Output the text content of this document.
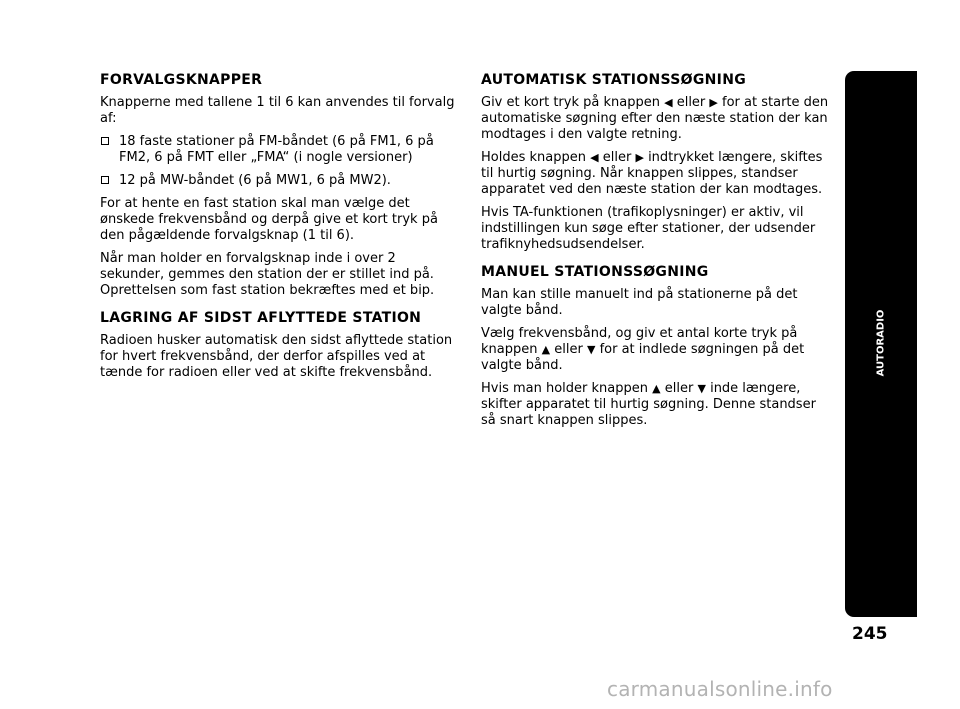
FORVALGSKNAPPER

Knapperne med tallene 1 til 6 kan anvendes til forvalg af:

18 faste stationer på FM-båndet (6 på FM1, 6 på FM2, 6 på FMT eller „FMA“ (i nogle versioner)
12 på MW-båndet (6 på MW1, 6 på MW2).

For at hente en fast station skal man vælge det ønskede frekvensbånd og derpå give et kort tryk på den pågældende forvalgsknap (1 til 6).

Når man holder en forvalgsknap inde i over 2 sekunder, gemmes den station der er stillet ind på. Oprettelsen som fast station bekræftes med et bip.

LAGRING AF SIDST AFLYTTEDE STATION

Radioen husker automatisk den sidst aflyttede station for hvert frekvensbånd, der derfor afspilles ved at tænde for radioen eller ved at skifte frekvensbånd.

AUTOMATISK STATIONSSØGNING

Giv et kort tryk på knappen ◀ eller ▶ for at starte den automatiske søgning efter den næste station der kan modtages i den valgte retning.

Holdes knappen ◀ eller ▶ indtrykket længere, skiftes til hurtig søgning. Når knappen slippes, standser apparatet ved den næste station der kan modtages.

Hvis TA-funktionen (trafikoplysninger) er aktiv, vil indstillingen kun søge efter stationer, der udsender trafiknyhedsudsendelser.

MANUEL STATIONSSØGNING

Man kan stille manuelt ind på stationerne på det valgte bånd.

Vælg frekvensbånd, og giv et antal korte tryk på knappen ▲ eller ▼ for at indlede søgningen på det valgte bånd.

Hvis man holder knappen ▲ eller ▼ inde længere, skifter apparatet til hurtig søgning. Denne standser så snart knappen slippes.

AUTORADIO
245
carmanualsonline.info
